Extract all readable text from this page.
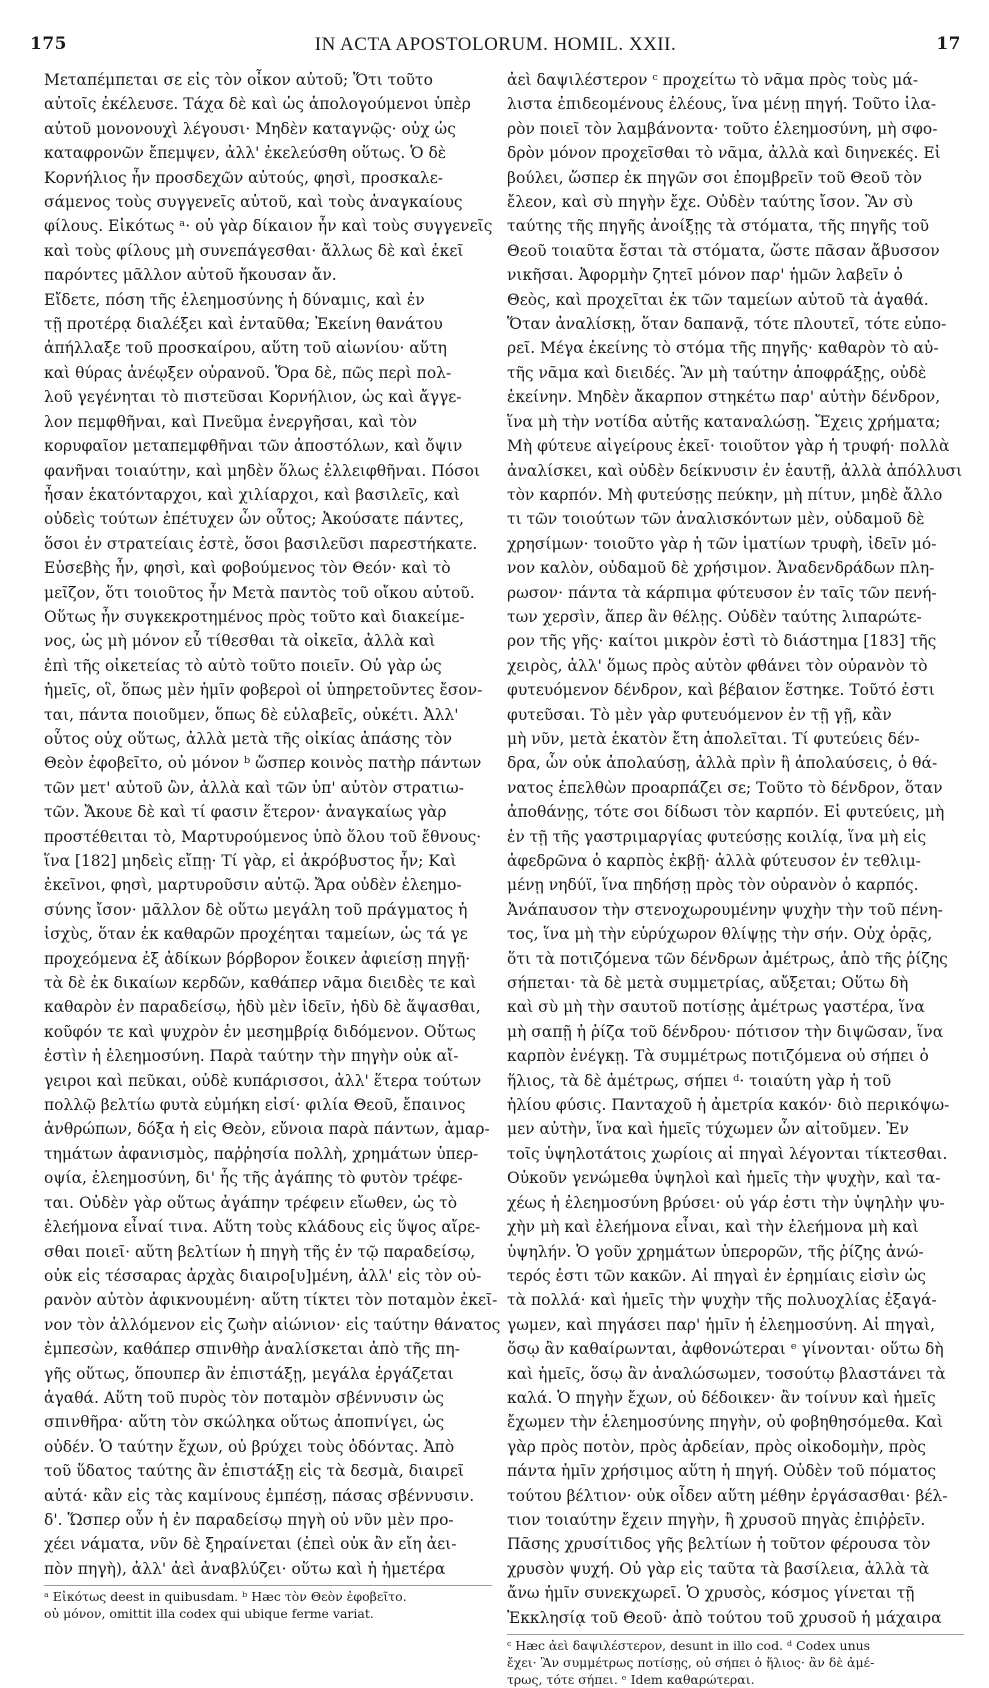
175	IN ACTA APOSTOLORUM. HOMIL. XXII.	17
Μεταπέμπεται σε εἰς τὸν οἶκον αὐτοῦ; Ὅτι τοῦτο
αὐτοῖς ἐκέλευσε. Τάχα δὲ καὶ ὡς ἀπολογούμενοι ὑπὲρ
αὐτοῦ μονονουχὶ λέγουσι· Μηδὲν καταγνῷς· οὐχ ὡς
καταφρονῶν ἔπεμψεν, ἀλλ' ἐκελεύσθη οὕτως. Ὁ δὲ
Κορνήλιος ἦν προσδεχῶν αὐτούς, φησὶ, προσκαλε-
σάμενος τοὺς συγγενεῖς αὐτοῦ, καὶ τοὺς ἀναγκαίους
φίλους. Εἰκότως ᵃ· οὐ γὰρ δίκαιον ἦν καὶ τοὺς συγγενεῖς
καὶ τοὺς φίλους μὴ συνεπάγεσθαι· ἄλλως δὲ καὶ ἐκεῖ
παρόντες μᾶλλον αὐτοῦ ἤκουσαν ἄν.
Εἴδετε, πόση τῆς ἐλεημοσύνης ἡ δύναμις, καὶ ἐν
τῇ προτέρᾳ διαλέξει καὶ ἐνταῦθα; Ἐκείνη θανάτου
ἀπήλλαξε τοῦ προσκαίρου, αὕτη τοῦ αἰωνίου· αὕτη
καὶ θύρας ἀνέῳξεν οὐρανοῦ. Ὅρα δὲ, πῶς περὶ πολ-
λοῦ γεγένηται τὸ πιστεῦσαι Κορνήλιον, ὡς καὶ ἄγγε-
λον πεμφθῆναι, καὶ Πνεῦμα ἐνεργῆσαι, καὶ τὸν
κορυφαῖον μεταπεμφθῆναι τῶν ἀποστόλων, καὶ ὄψιν
φανῆναι τοιαύτην, καὶ μηδὲν ὅλως ἐλλειφθῆναι. Πόσοι
ἦσαν ἑκατόνταρχοι, καὶ χιλίαρχοι, καὶ βασιλεῖς, καὶ
οὐδεὶς τούτων ἐπέτυχεν ὧν οὗτος; Ἀκούσατε πάντες,
ὅσοι ἐν στρατείαις ἐστὲ, ὅσοι βασιλεῦσι παρεστήκατε.
Εὐσεβὴς ἦν, φησὶ, καὶ φοβούμενος τὸν Θεόν· καὶ τὸ
μεῖζον, ὅτι τοιοῦτος ἦν Μετὰ παντὸς τοῦ οἴκου αὐτοῦ.
Οὕτως ἦν συγκεκροτημένος πρὸς τοῦτο καὶ διακείμε-
νος, ὡς μὴ μόνον εὖ τίθεσθαι τὰ οἰκεῖα, ἀλλὰ καὶ
ἐπὶ τῆς οἰκετείας τὸ αὐτὸ τοῦτο ποιεῖν. Οὐ γὰρ ὡς
ἡμεῖς, οἳ, ὅπως μὲν ἡμῖν φοβεροὶ οἱ ὑπηρετοῦντες ἔσον-
ται, πάντα ποιοῦμεν, ὅπως δὲ εὐλαβεῖς, οὐκέτι. Ἀλλ'
οὗτος οὐχ οὕτως, ἀλλὰ μετὰ τῆς οἰκίας ἁπάσης τὸν
Θεὸν ἐφοβεῖτο, οὐ μόνον ᵇ ὥσπερ κοινὸς πατὴρ πάντων
τῶν μετ' αὐτοῦ ὢν, ἀλλὰ καὶ τῶν ὑπ' αὐτὸν στρατιω-
τῶν. Ἄκουε δὲ καὶ τί φασιν ἕτερον· ἀναγκαίως γὰρ
προστέθειται τὸ, Μαρτυρούμενος ὑπὸ ὅλου τοῦ ἔθνους·
ἵνα [182] μηδεὶς εἴπῃ· Τί γὰρ, εἰ ἀκρόβυστος ἦν; Καὶ
ἐκεῖνοι, φησὶ, μαρτυροῦσιν αὐτῷ. Ἄρα οὐδὲν ἐλεημο-
σύνης ἴσον· μᾶλλον δὲ οὕτω μεγάλη τοῦ πράγματος ἡ
ἰσχὺς, ὅταν ἐκ καθαρῶν προχέηται ταμείων, ὡς τά γε
προχεόμενα ἐξ ἀδίκων βόρβορον ἔοικεν ἀφιείσῃ πηγῇ·
τὰ δὲ ἐκ δικαίων κερδῶν, καθάπερ νᾶμα διειδὲς τε καὶ
καθαρὸν ἐν παραδείσῳ, ἡδὺ μὲν ἰδεῖν, ἡδὺ δὲ ἅψασθαι,
κοῦφόν τε καὶ ψυχρὸν ἐν μεσημβρίᾳ διδόμενον. Οὕτως
ἐστὶν ἡ ἐλεημοσύνη. Παρὰ ταύτην τὴν πηγὴν οὐκ αἴ-
γειροι καὶ πεῦκαι, οὐδὲ κυπάρισσοι, ἀλλ' ἕτερα τούτων
πολλῷ βελτίω φυτὰ εὐμήκη εἰσί· φιλία Θεοῦ, ἔπαινος
ἀνθρώπων, δόξα ἡ εἰς Θεὸν, εὔνοια παρὰ πάντων, ἁμαρ-
τημάτων ἀφανισμὸς, παῤῥησία πολλὴ, χρημάτων ὑπερ-
οψία, ἐλεημοσύνη, δι' ἧς τῆς ἀγάπης τὸ φυτὸν τρέφε-
ται. Οὐδὲν γὰρ οὕτως ἀγάπην τρέφειν εἴωθεν, ὡς τὸ
ἐλεήμονα εἶναί τινα. Αὕτη τοὺς κλάδους εἰς ὕψος αἴρε-
σθαι ποιεῖ· αὕτη βελτίων ἡ πηγὴ τῆς ἐν τῷ παραδείσῳ,
οὐκ εἰς τέσσαρας ἀρχὰς διαιρο[υ]μένη, ἀλλ' εἰς τὸν οὐ-
ρανὸν αὐτὸν ἀφικνουμένη· αὕτη τίκτει τὸν ποταμὸν ἐκεῖ-
νον τὸν ἁλλόμενον εἰς ζωὴν αἰώνιον· εἰς ταύτην θάνατος
ἐμπεσὼν, καθάπερ σπινθὴρ ἀναλίσκεται ἀπὸ τῆς πη-
γῆς οὕτως, ὅπουπερ ἂν ἐπιστάξῃ, μεγάλα ἐργάζεται
ἀγαθά. Αὕτη τοῦ πυρὸς τὸν ποταμὸν σβέννυσιν ὡς
σπινθῆρα· αὕτη τὸν σκώληκα οὕτως ἀποπνίγει, ὡς
οὐδέν. Ὁ ταύτην ἔχων, οὐ βρύχει τοὺς ὀδόντας. Ἀπὸ
τοῦ ὕδατος ταύτης ἂν ἐπιστάξῃ εἰς τὰ δεσμὰ, διαιρεῖ
αὐτά· κἂν εἰς τὰς καμίνους ἐμπέσῃ, πάσας σβέννυσιν.
δ'. Ὥσπερ οὖν ἡ ἐν παραδείσῳ πηγὴ οὐ νῦν μὲν προ-
χέει νάματα, νῦν δὲ ξηραίνεται (ἐπεὶ οὐκ ἂν εἴη ἀει-
πὸν πηγὴ), ἀλλ' ἀεὶ ἀναβλύζει· οὕτω καὶ ἡ ἡμετέρα
ᵃ Εἰκότως deest in quibusdam. ᵇ Hæc τὸν Θεὸν ἐφοβεῖτο.
οὐ μόνον, omittit illa codex qui ubique ferme variat.
ἀεὶ δαψιλέστερον ᶜ προχείτω τὸ νᾶμα πρὸς τοὺς μά-
λιστα ἐπιδεομένους ἐλέους, ἵνα μένῃ πηγή. Τοῦτο ἱλα-
ρὸν ποιεῖ τὸν λαμβάνοντα· τοῦτο ἐλεημοσύνη, μὴ σφο-
δρὸν μόνον προχεῖσθαι τὸ νᾶμα, ἀλλὰ καὶ διηνεκές. Εἰ
βούλει, ὥσπερ ἐκ πηγῶν σοι ἐπομβρεῖν τοῦ Θεοῦ τὸν
ἔλεον, καὶ σὺ πηγὴν ἔχε. Οὐδὲν ταύτης ἴσον. Ἂν σὺ
ταύτης τῆς πηγῆς ἀνοίξῃς τὰ στόματα, τῆς πηγῆς τοῦ
Θεοῦ τοιαῦτα ἔσται τὰ στόματα, ὥστε πᾶσαν ἄβυσσον
νικῆσαι. Ἀφορμὴν ζητεῖ μόνον παρ' ἡμῶν λαβεῖν ὁ
Θεὸς, καὶ προχεῖται ἐκ τῶν ταμείων αὐτοῦ τὰ ἀγαθά.
Ὅταν ἀναλίσκῃ, ὅταν δαπανᾷ, τότε πλουτεῖ, τότε εὐπο-
ρεῖ. Μέγα ἐκείνης τὸ στόμα τῆς πηγῆς· καθαρὸν τὸ αὐ-
τῆς νᾶμα καὶ διειδές. Ἂν μὴ ταύτην ἀποφράξῃς, οὐδὲ
ἐκείνην. Μηδὲν ἄκαρπον στηκέτω παρ' αὐτὴν δένδρον,
ἵνα μὴ τὴν νοτίδα αὐτῆς καταναλώσῃ. Ἔχεις χρήματα;
Μὴ φύτευε αἰγείρους ἐκεῖ· τοιοῦτον γὰρ ἡ τρυφή· πολλὰ
ἀναλίσκει, καὶ οὐδὲν δείκνυσιν ἐν ἑαυτῇ, ἀλλὰ ἀπόλλυσι
τὸν καρπόν. Μὴ φυτεύσῃς πεύκην, μὴ πίτυν, μηδὲ ἄλλο
τι τῶν τοιούτων τῶν ἀναλισκόντων μὲν, οὐδαμοῦ δὲ
χρησίμων· τοιοῦτο γὰρ ἡ τῶν ἱματίων τρυφὴ, ἰδεῖν μό-
νον καλὸν, οὐδαμοῦ δὲ χρήσιμον. Ἀναδενδράδων πλη-
ρωσον· πάντα τὰ κάρπιμα φύτευσον ἐν ταῖς τῶν πενή-
των χερσὶν, ἅπερ ἂν θέλῃς. Οὐδὲν ταύτης λιπαρώτε-
ρον τῆς γῆς· καίτοι μικρὸν ἐστὶ τὸ διάστημα [183] τῆς
χειρὸς, ἀλλ' ὅμως πρὸς αὐτὸν φθάνει τὸν οὐρανὸν τὸ
φυτευόμενον δένδρον, καὶ βέβαιον ἕστηκε. Τοῦτό ἐστι
φυτεῦσαι. Τὸ μὲν γὰρ φυτευόμενον ἐν τῇ γῇ, κἂν
μὴ νῦν, μετὰ ἑκατὸν ἔτη ἀπολεῖται. Τί φυτεύεις δέν-
δρα, ὧν οὐκ ἀπολαύσῃ, ἀλλὰ πρὶν ἢ ἀπολαύσεις, ὁ θά-
νατος ἐπελθὼν προαρπάζει σε; Τοῦτο τὸ δένδρον, ὅταν
ἀποθάνῃς, τότε σοι δίδωσι τὸν καρπόν. Εἰ φυτεύεις, μὴ
ἐν τῇ τῆς γαστριμαργίας φυτεύσῃς κοιλίᾳ, ἵνα μὴ εἰς
ἀφεδρῶνα ὁ καρπὸς ἐκβῇ· ἀλλὰ φύτευσον ἐν τεθλιμ-
μένῃ νηδύϊ, ἵνα πηδήσῃ πρὸς τὸν οὐρανὸν ὁ καρπός.
Ἀνάπαυσον τὴν στενοχωρουμένην ψυχὴν τὴν τοῦ πένη-
τος, ἵνα μὴ τὴν εὐρύχωρον θλίψῃς τὴν σήν. Οὐχ ὁρᾷς,
ὅτι τὰ ποτιζόμενα τῶν δένδρων ἀμέτρως, ἀπὸ τῆς ῥίζης
σήπεται· τὰ δὲ μετὰ συμμετρίας, αὔξεται; Οὕτω δὴ
καὶ σὺ μὴ τὴν σαυτοῦ ποτίσῃς ἀμέτρως γαστέρα, ἵνα
μὴ σαπῇ ἡ ῥίζα τοῦ δένδρου· πότισον τὴν διψῶσαν, ἵνα
καρπὸν ἐνέγκῃ. Τὰ συμμέτρως ποτιζόμενα οὐ σήπει ὁ
ἥλιος, τὰ δὲ ἀμέτρως, σήπει ᵈ· τοιαύτη γὰρ ἡ τοῦ
ἡλίου φύσις. Πανταχοῦ ἡ ἀμετρία κακόν· διὸ περικόψω-
μεν αὐτὴν, ἵνα καὶ ἡμεῖς τύχωμεν ὧν αἰτοῦμεν. Ἐν
τοῖς ὑψηλοτάτοις χωρίοις αἱ πηγαὶ λέγονται τίκτεσθαι.
Οὐκοῦν γενώμεθα ὑψηλοὶ καὶ ἡμεῖς τὴν ψυχὴν, καὶ τα-
χέως ἡ ἐλεημοσύνη βρύσει· οὐ γάρ ἐστι τὴν ὑψηλὴν ψυ-
χὴν μὴ καὶ ἐλεήμονα εἶναι, καὶ τὴν ἐλεήμονα μὴ καὶ
ὑψηλήν. Ὁ γοῦν χρημάτων ὑπερορῶν, τῆς ῥίζης ἀνώ-
τερός ἐστι τῶν κακῶν. Αἱ πηγαὶ ἐν ἐρημίαις εἰσὶν ὡς
τὰ πολλά· καὶ ἡμεῖς τὴν ψυχὴν τῆς πολυοχλίας ἐξαγά-
γωμεν, καὶ πηγάσει παρ' ἡμῖν ἡ ἐλεημοσύνη. Αἱ πηγαὶ,
ὅσῳ ἂν καθαίρωνται, ἀφθονώτεραι ᵉ γίνονται· οὕτω δὴ
καὶ ἡμεῖς, ὅσῳ ἂν ἀναλώσωμεν, τοσούτῳ βλαστάνει τὰ
καλά. Ὁ πηγὴν ἔχων, οὐ δέδοικεν· ἂν τοίνυν καὶ ἡμεῖς
ἔχωμεν τὴν ἐλεημοσύνης πηγὴν, οὐ φοβηθησόμεθα. Καὶ
γὰρ πρὸς ποτὸν, πρὸς ἀρδείαν, πρὸς οἰκοδομὴν, πρὸς
πάντα ἡμῖν χρήσιμος αὕτη ἡ πηγή. Οὐδὲν τοῦ πόματος
τούτου βέλτιον· οὐκ οἶδεν αὕτη μέθην ἐργάσασθαι· βέλ-
τιον τοιαύτην ἔχειν πηγὴν, ἢ χρυσοῦ πηγὰς ἐπιῤῥεῖν.
Πᾶσης χρυσίτιδος γῆς βελτίων ἡ τοῦτον φέρουσα τὸν
χρυσὸν ψυχή. Οὐ γὰρ εἰς ταῦτα τὰ βασίλεια, ἀλλὰ τὰ
ἄνω ἡμῖν συνεκχωρεῖ. Ὁ χρυσὸς, κόσμος γίνεται τῇ
Ἐκκλησίᾳ τοῦ Θεοῦ· ἀπὸ τούτου τοῦ χρυσοῦ ἡ μάχαιρα
ᶜ Hæc ἀεὶ δαψιλέστερον, desunt in illo cod. ᵈ Codex unus
ἔχει· Ἂν συμμέτρως ποτίσῃς, οὐ σήπει ὁ ἥλιος· ἂν δὲ ἀμέ-
τρως, τότε σήπει. ᵉ Idem καθαρώτεραι.
